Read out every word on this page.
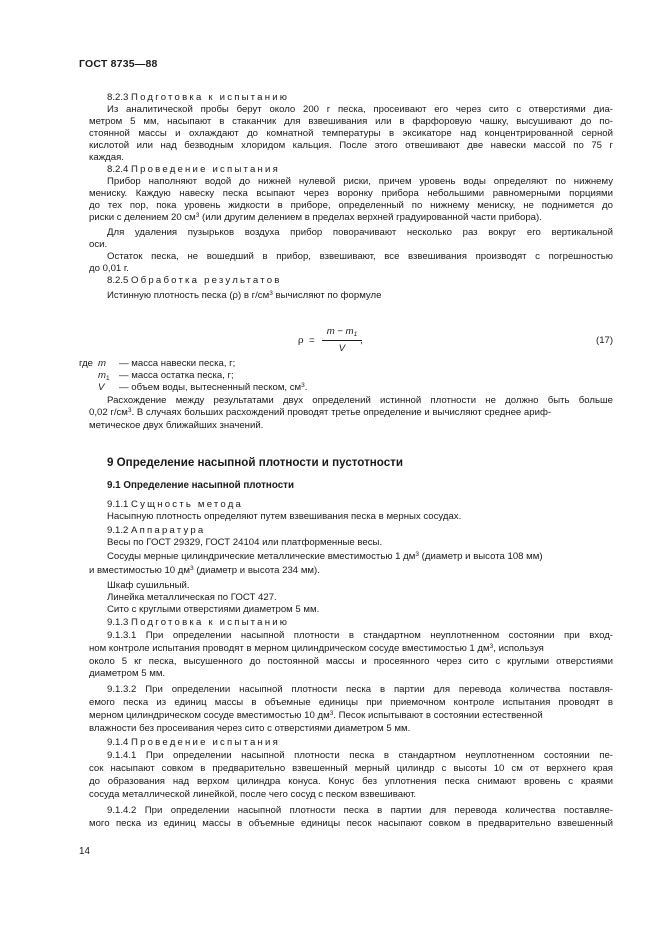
ГОСТ 8735—88
8.2.3 Подготовка к испытанию
Из аналитической пробы берут около 200 г песка, просеивают его через сито с отверстиями диа-
метром 5 мм, насыпают в стаканчик для взвешивания или в фарфоровую чашку, высушивают до по-
стоянной массы и охлаждают до комнатной температуры в эксикаторе над концентрированной серной
кислотой или над безводным хлоридом кальция. После этого отвешивают две навески массой по 75 г
каждая.
8.2.4 Проведение испытания
Прибор наполняют водой до нижней нулевой риски, причем уровень воды определяют по нижнему
мениску. Каждую навеску песка всыпают через воронку прибора небольшими равномерными порциями
до тех пор, пока уровень жидкости в приборе, определенный по нижнему мениску, не поднимется до
риски с делением 20 $см^3$ (или другим делением в пределах верхней градуированной части прибора).
Для удаления пузырьков воздуха прибор поворачивают несколько раз вокруг его вертикальной
оси.
Остаток песка, не вошедший в прибор, взвешивают, все взвешивания производят с погрешностью
до 0,01 г.
8.2.5 Обработка результатов
Истинную плотность песка (ρ) в $г/см^3$ вычисляют по формуле
ρ =
$m - m_1$
V
,	(17)
где m — масса навески песка, г;
$m_1$ — масса остатка песка, г;
V — объем воды, вытесненный песком, $см^3$.
Расхождение между результатами двух определений истинной плотности не должно быть больше
0,02 $г/см^3$. В случаях больших расхождений проводят третье определение и вычисляют среднее ариф-
метическое двух ближайших значений.
9 Определение насыпной плотности и пустотности
9.1 Определение насыпной плотности
9.1.1 Сущность метода
Насыпную плотность определяют путем взвешивания песка в мерных сосудах.
9.1.2 Аппаратура
Весы по ГОСТ 29329, ГОСТ 24104 или платформенные весы.
Сосуды мерные цилиндрические металлические вместимостью 1 $дм^3$ (диаметр и высота 108 мм)
и вместимостью 10 $дм^3$ (диаметр и высота 234 мм).
Шкаф сушильный.
Линейка металлическая по ГОСТ 427.
Сито с круглыми отверстиями диаметром 5 мм.
9.1.3 Подготовка к испытанию
9.1.3.1 При определении насыпной плотности в стандартном неуплотненном состоянии при вход-
ном контроле испытания проводят в мерном цилиндрическом сосуде вместимостью 1 $дм^3$, используя
около 5 кг песка, высушенного до постоянной массы и просеянного через сито с круглыми отверстиями
диаметром 5 мм.
9.1.3.2 При определении насыпной плотности песка в партии для перевода количества поставля-
емого песка из единиц массы в объемные единицы при приемочном контроле испытания проводят в
мерном цилиндрическом сосуде вместимостью 10 $дм^3$. Песок испытывают в состоянии естественной
влажности без просеивания через сито с отверстиями диаметром 5 мм.
9.1.4 Проведение испытания
9.1.4.1 При определении насыпной плотности песка в стандартном неуплотненном состоянии пе-
сок насыпают совком в предварительно взвешенный мерный цилиндр с высоты 10 см от верхнего края
до образования над верхом цилиндра конуса. Конус без уплотнения песка снимают вровень с краями
сосуда металлической линейкой, после чего сосуд с песком взвешивают.
9.1.4.2 При определении насыпной плотности песка в партии для перевода количества поставляе-
мого песка из единиц массы в объемные единицы песок насыпают совком в предварительно взвешенный
14
